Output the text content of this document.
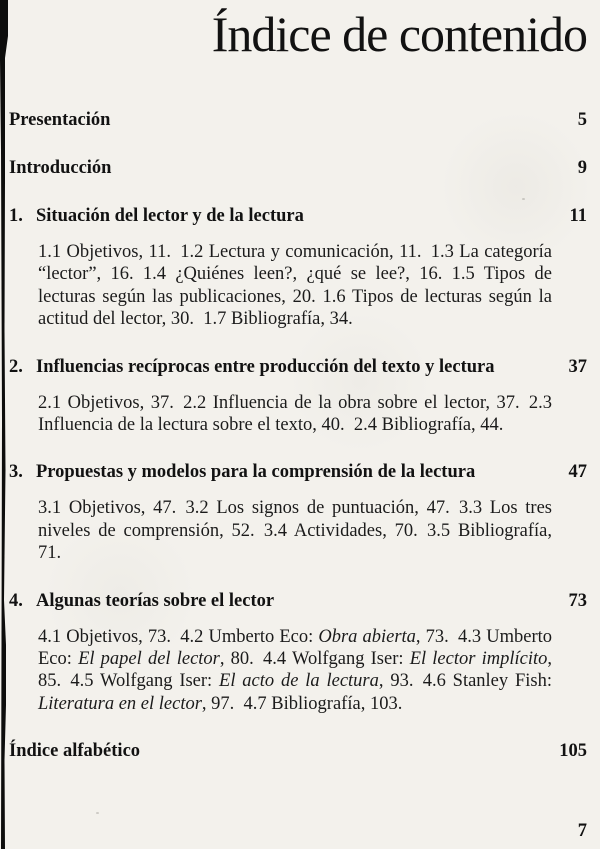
Índice de contenido
Presentación	5
Introducción	9
1. Situación del lector y de la lectura	11

1.1 Objetivos, 11. 1.2 Lectura y comunicación, 11. 1.3 La categoría “lector”, 16. 1.4 ¿Quiénes leen?, ¿qué se lee?, 16. 1.5 Tipos de lecturas según las publicaciones, 20. 1.6 Tipos de lecturas según la actitud del lector, 30. 1.7 Bibliografía, 34.

2. Influencias recíprocas entre producción del texto y lectura	37

2.1 Objetivos, 37. 2.2 Influencia de la obra sobre el lector, 37. 2.3 Influencia de la lectura sobre el texto, 40. 2.4 Bibliografía, 44.

3. Propuestas y modelos para la comprensión de la lectura	47

3.1 Objetivos, 47. 3.2 Los signos de puntuación, 47. 3.3 Los tres niveles de comprensión, 52. 3.4 Actividades, 70. 3.5 Bibliografía, 71.

4. Algunas teorías sobre el lector	73

4.1 Objetivos, 73. 4.2 Umberto Eco: Obra abierta, 73. 4.3 Umberto Eco: El papel del lector, 80. 4.4 Wolfgang Iser: El lector implícito, 85. 4.5 Wolfgang Iser: El acto de la lectura, 93. 4.6 Stanley Fish: Literatura en el lector, 97. 4.7 Bibliografía, 103.

Índice alfabético	105
7
